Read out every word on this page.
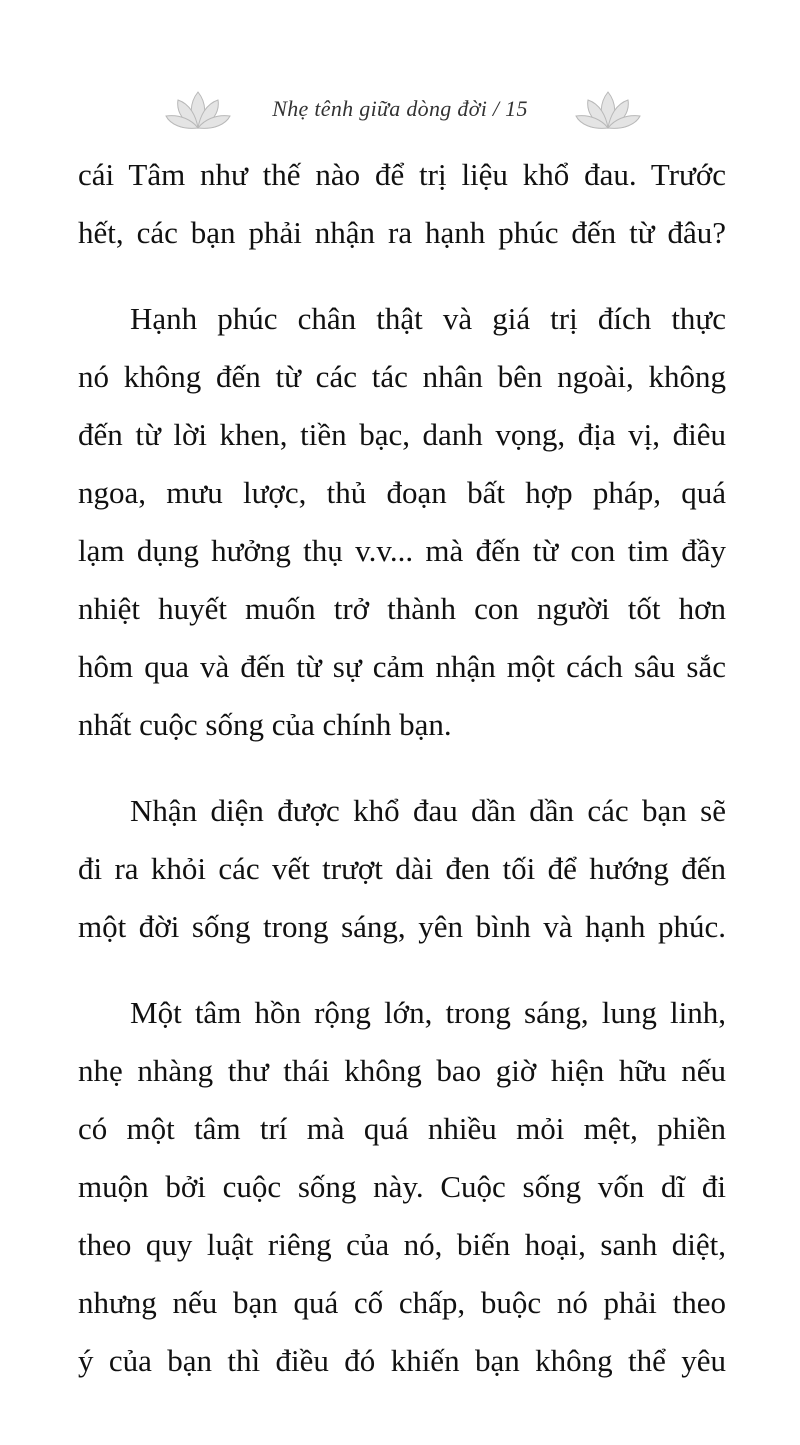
Nhẹ tênh giữa dòng đời / 15
cái Tâm như thế nào để trị liệu khổ đau. Trước
hết, các bạn phải nhận ra hạnh phúc đến từ đâu?
Hạnh phúc chân thật và giá trị đích thực
nó không đến từ các tác nhân bên ngoài, không
đến từ lời khen, tiền bạc, danh vọng, địa vị, điêu
ngoa, mưu lược, thủ đoạn bất hợp pháp, quá
lạm dụng hưởng thụ v.v... mà đến từ con tim đầy
nhiệt huyết muốn trở thành con người tốt hơn
hôm qua và đến từ sự cảm nhận một cách sâu sắc
nhất cuộc sống của chính bạn.
Nhận diện được khổ đau dần dần các bạn sẽ
đi ra khỏi các vết trượt dài đen tối để hướng đến
một đời sống trong sáng, yên bình và hạnh phúc.
Một tâm hồn rộng lớn, trong sáng, lung linh,
nhẹ nhàng thư thái không bao giờ hiện hữu nếu
có một tâm trí mà quá nhiều mỏi mệt, phiền
muộn bởi cuộc sống này. Cuộc sống vốn dĩ đi
theo quy luật riêng của nó, biến hoại, sanh diệt,
nhưng nếu bạn quá cố chấp, buộc nó phải theo
ý của bạn thì điều đó khiến bạn không thể yêu
